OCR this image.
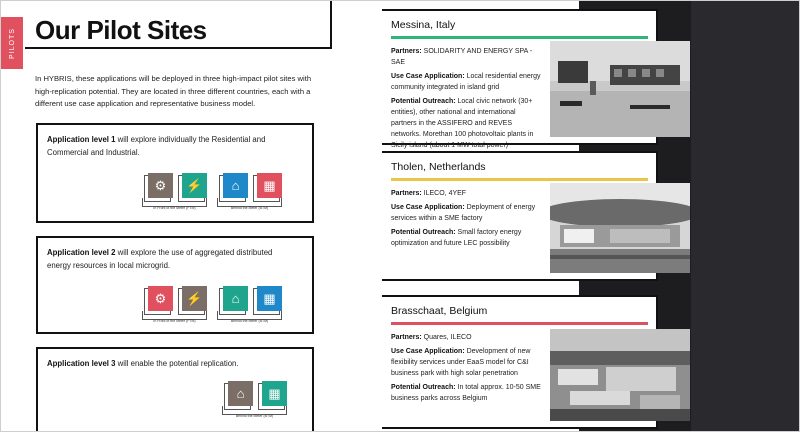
PILOTS Our Pilot Sites
In HYBRIS, these applications will be deployed in three high-impact pilot sites with high-replication potential. They are located in three different countries, each with a different use case application and representative business model.
Application level 1 will explore individually the Residential and Commercial and Industrial.
⚙	⚡
In Front of the Meter (FTM)
⌂	▦
Behind the Meter (BTM)
Application level 2 will explore the use of aggregated distributed energy resources in local microgrid.
⚙	⚡
In Front of the Meter (FTM)
⌂	▦
Behind the Meter (BTM)
Application level 3 will enable the potential replication.
⌂	▦
Behind the Meter (BTM)
Messina, Italy

Partners: SOLIDARITY AND ENERGY SPA - SAE

Use Case Application: Local residential energy community integrated in island grid

Potential Outreach: Local civic network (30+ entities), other national and international partners in the ASSIFERO and REVES networks. Morethan 100 photovoltaic plants in Sicily island (about 1 MW total power)

Tholen, Netherlands

Partners: ILECO, 4YEF

Use Case Application: Deployment of energy services within a SME factory

Potential Outreach: Small factory energy optimization and future LEC possibility

Brasschaat, Belgium

Partners: Quares, ILECO

Use Case Application: Development of new flexibility services under EaaS model for C&I business park with high solar penetration

Potential Outreach: In total approx. 10-50 SME business parks across Belgium
